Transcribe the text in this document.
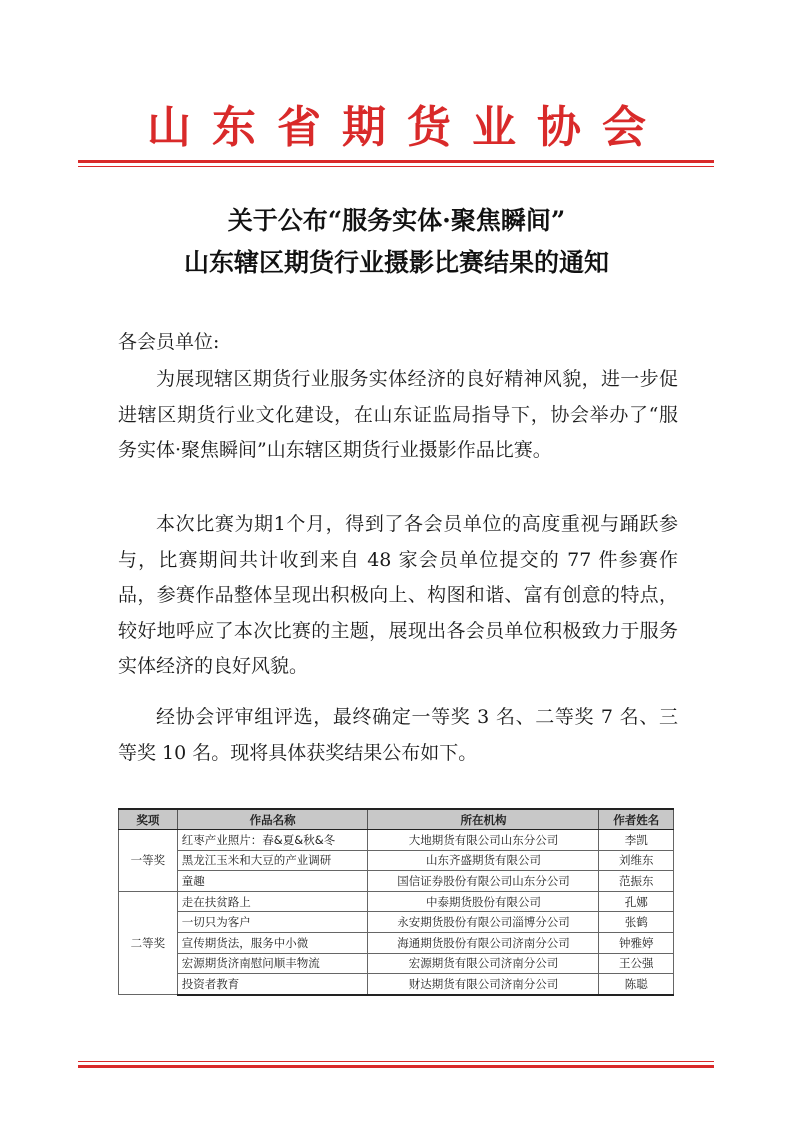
山东省期货业协会
关于公布“服务实体·聚焦瞬间”
山东辖区期货行业摄影比赛结果的通知

各会员单位:

为展现辖区期货行业服务实体经济的良好精神风貌，进一步促进辖区期货行业文化建设，在山东证监局指导下，协会举办了“服务实体·聚焦瞬间”山东辖区期货行业摄影作品比赛。

本次比赛为期1个月，得到了各会员单位的高度重视与踊跃参与，比赛期间共计收到来自 48 家会员单位提交的 77 件参赛作品，参赛作品整体呈现出积极向上、构图和谐、富有创意的特点，较好地呼应了本次比赛的主题，展现出各会员单位积极致力于服务实体经济的良好风貌。

经协会评审组评选，最终确定一等奖 3 名、二等奖 7 名、三等奖 10 名。现将具体获奖结果公布如下。

奖项	作品名称	所在机构	作者姓名
一等奖	红枣产业照片：春&夏&秋&冬	大地期货有限公司山东分公司	李凯
	黑龙江玉米和大豆的产业调研	山东齐盛期货有限公司	刘维东
	童趣	国信证券股份有限公司山东分公司	范振东
二等奖	走在扶贫路上	中泰期货股份有限公司	孔娜
	一切只为客户	永安期货股份有限公司淄博分公司	张鹤
	宣传期货法，服务中小微	海通期货股份有限公司济南分公司	钟雅婷
	宏源期货济南慰问顺丰物流	宏源期货有限公司济南分公司	王公强
	投资者教育	财达期货有限公司济南分公司	陈聪
